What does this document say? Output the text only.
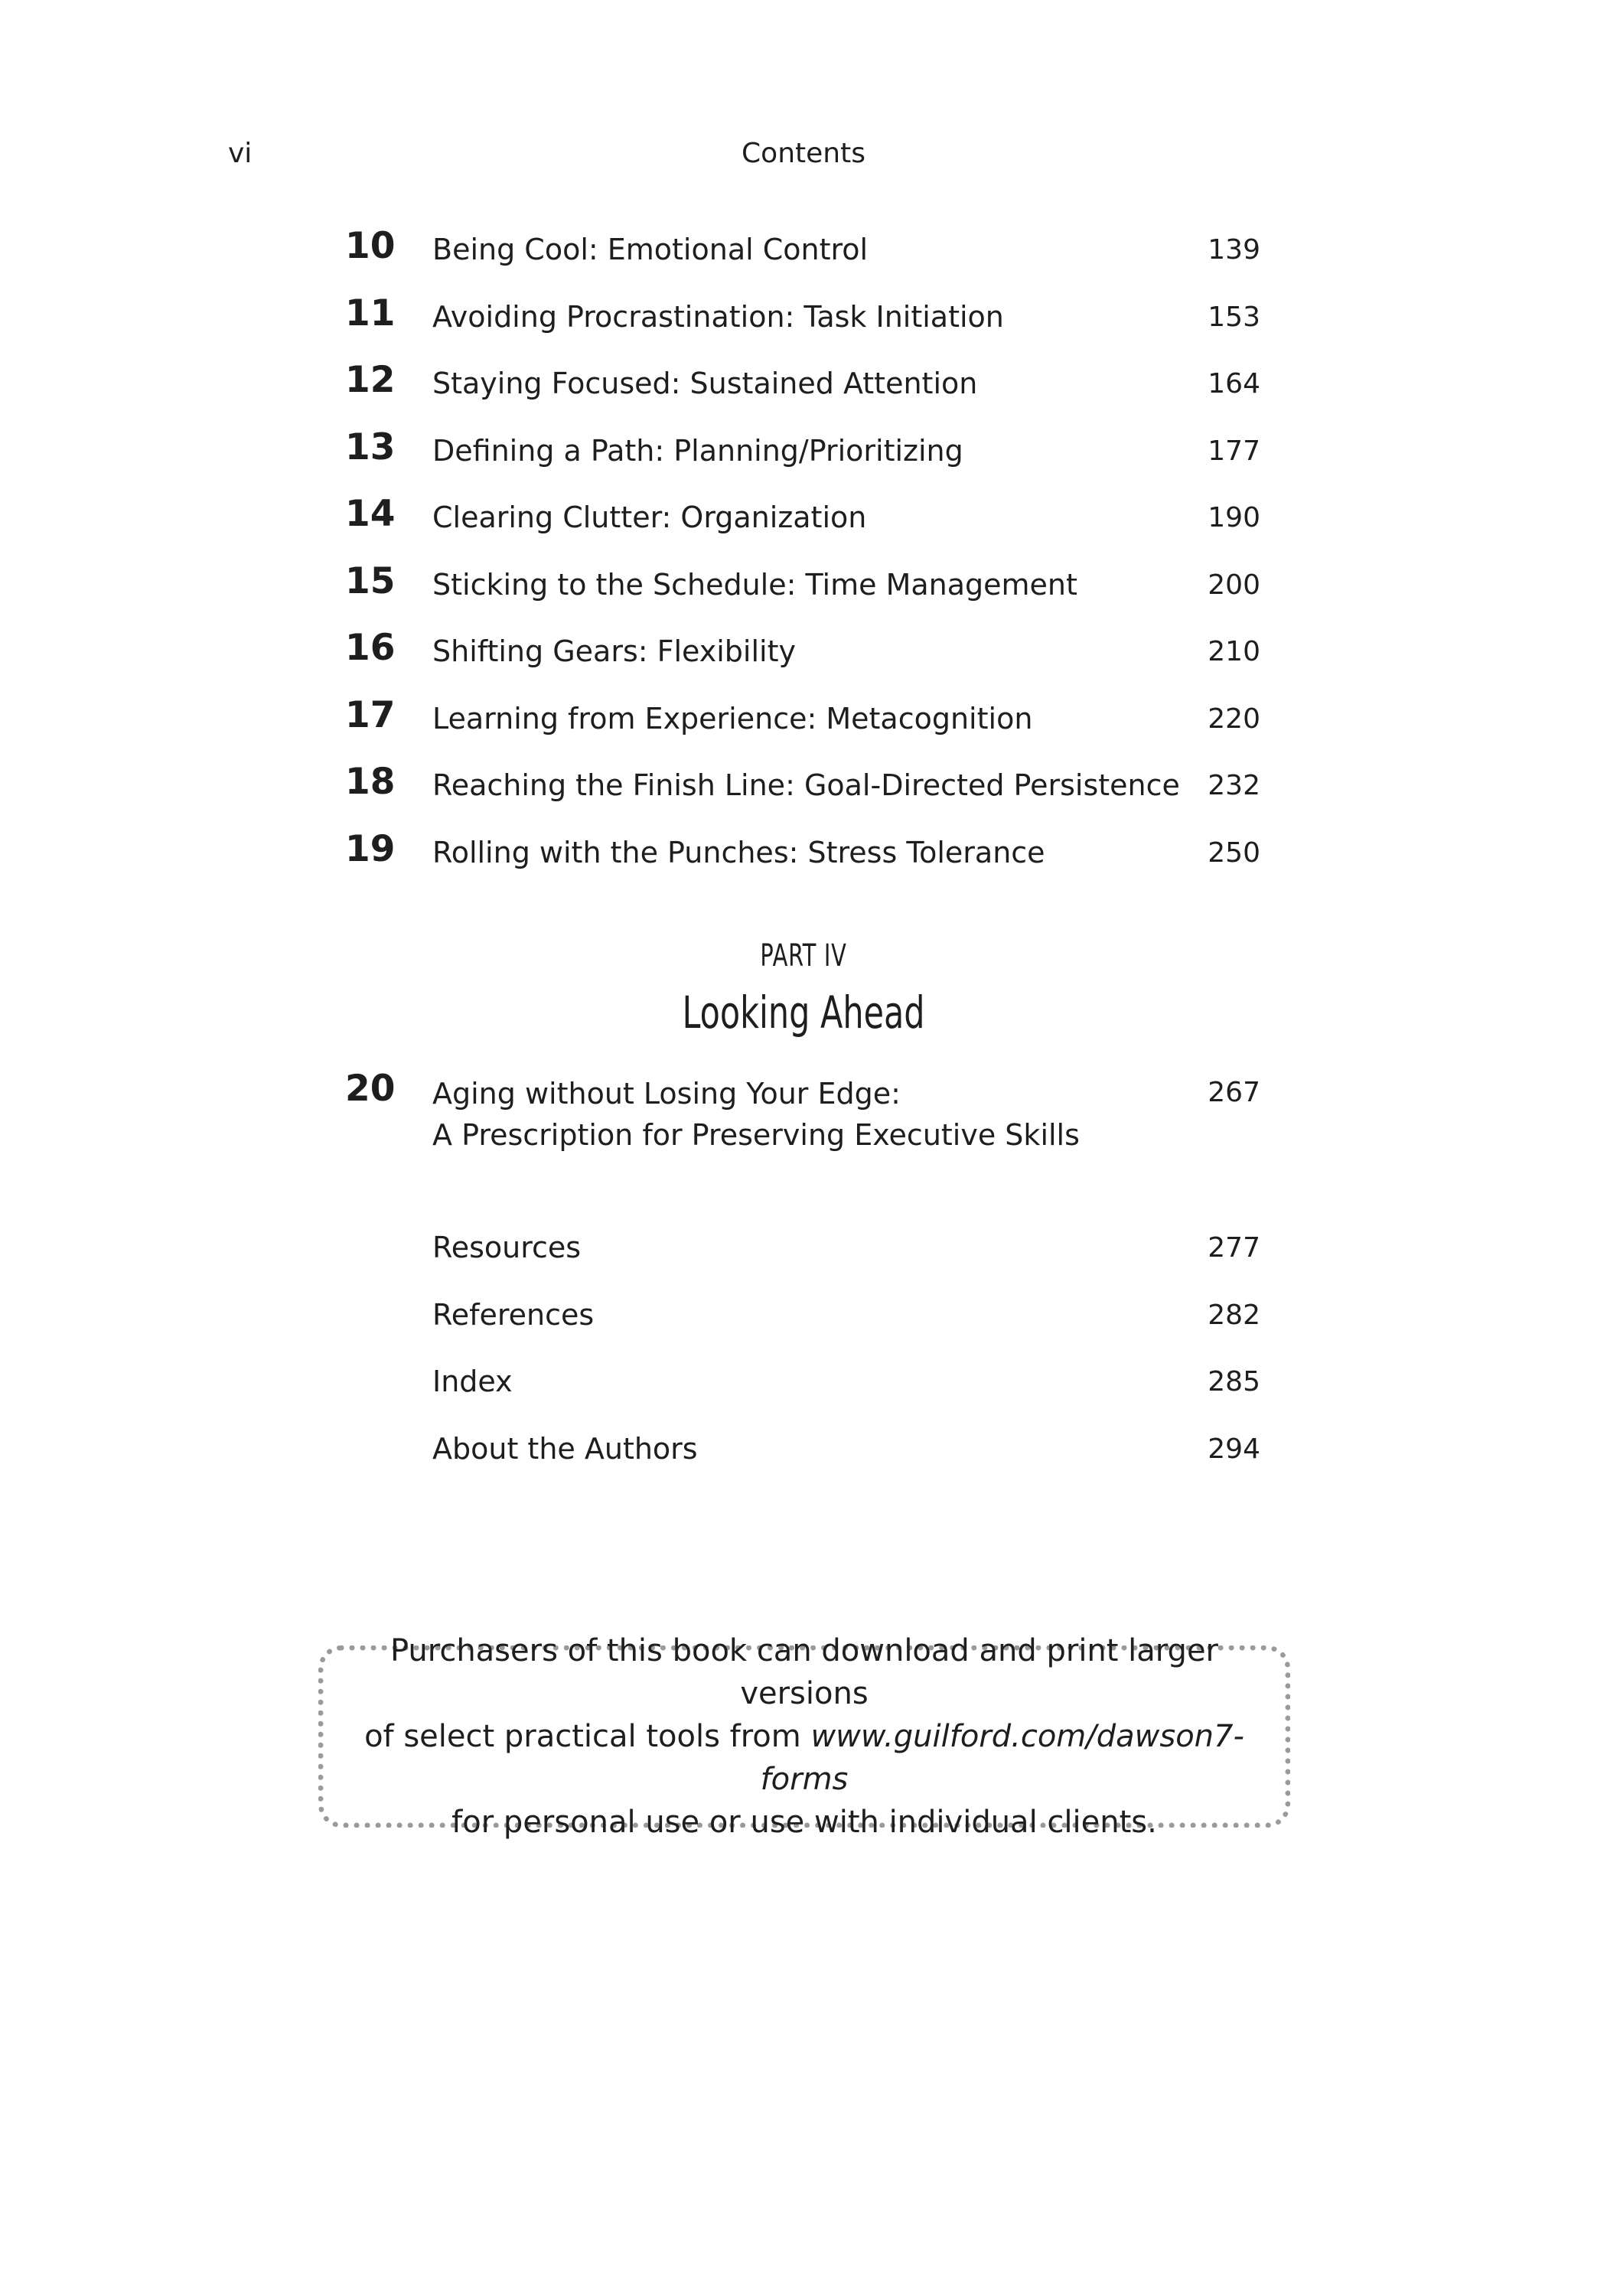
vi	Contents
10 Being Cool: Emotional Control	139
11 Avoiding Procrastination: Task Initiation	153
12 Staying Focused: Sustained Attention	164
13 Defining a Path: Planning/Prioritizing	177
14 Clearing Clutter: Organization	190
15 Sticking to the Schedule: Time Management	200
16 Shifting Gears: Flexibility	210
17 Learning from Experience: Metacognition	220
18 Reaching the Finish Line: Goal-Directed Persistence 232
19 Rolling with the Punches: Stress Tolerance	250
PART IV
Looking Ahead
20 Aging without Losing Your Edge:
A Prescription for Preserving Executive Skills
267
Resources	277
References	282
Index	285
About the Authors	294
Purchasers of this book can download and print larger versions
of select practical tools from www.guilford.com/dawson7-forms
for personal use or use with individual clients.
